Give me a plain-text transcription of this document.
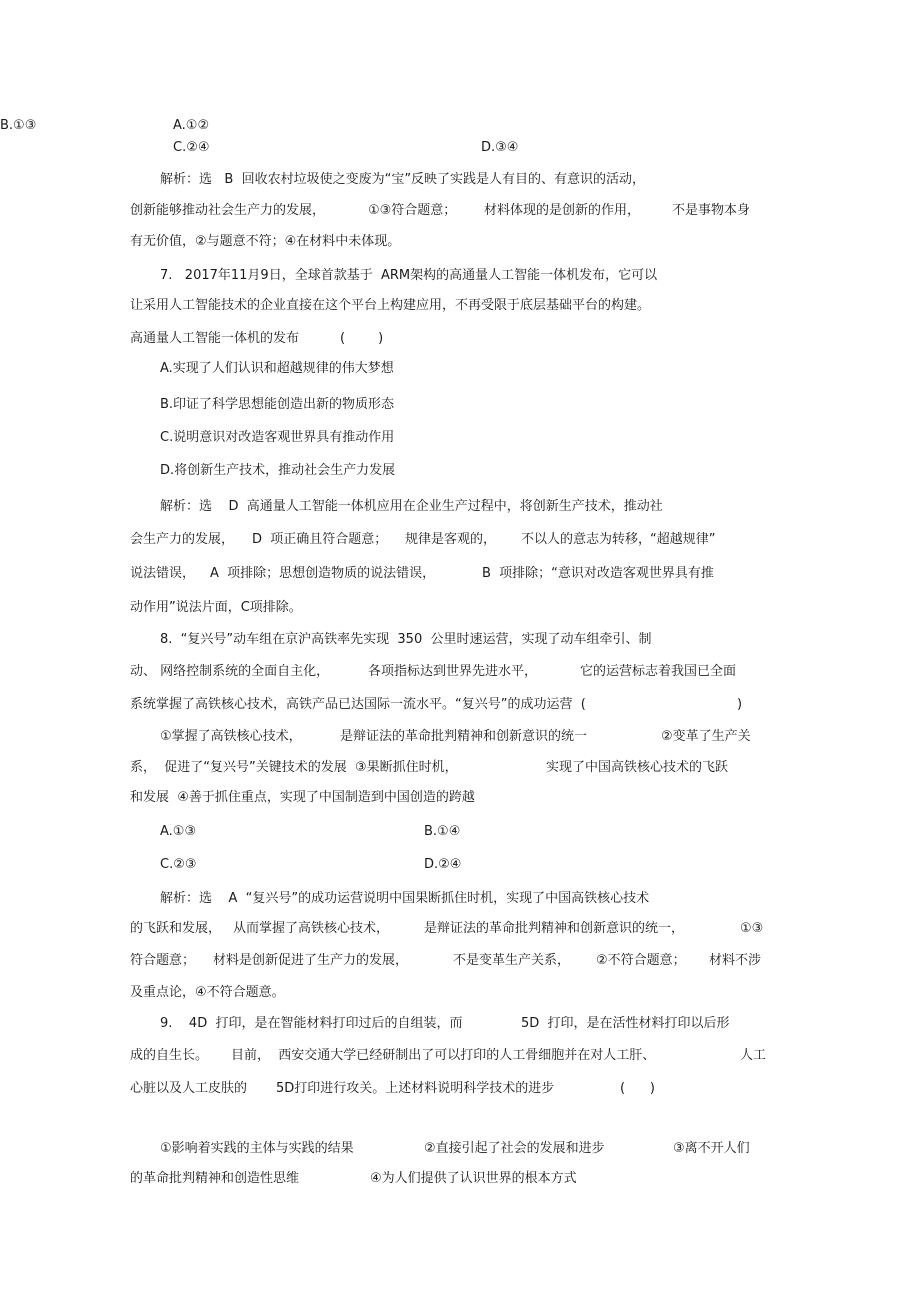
B.①③	A.①②
C.②④	D.③④
解析：选   B  回收农村垃圾使之变废为“宝”反映了实践是人有目的、有意识的活动，
创新能够推动社会生产力的发展，	①③符合题意； 材料体现的是创新的作用， 不是事物本身
有无价值，②与题意不符；④在材料中未体现。
7.   2017年11月9日，全球首款基于  ARM架构的高通量人工智能一体机发布，它可以
让采用人工智能技术的企业直接在这个平台上构建应用，不再受限于底层基础平台的构建。
高通量人工智能一体机的发布	(        )
A.实现了人们认识和超越规律的伟大梦想
B.印证了科学思想能创造出新的物质形态
C.说明意识对改造客观世界具有推动作用
D.将创新生产技术，推动社会生产力发展
解析：选    D  高通量人工智能一体机应用在企业生产过程中，将创新生产技术，推动社
会生产力的发展， D  项正确且符合题意； 规律是客观的， 不以人的意志为转移，
“超越规律”
说法错误， A  项排除；思想创造物质的说法错误，	B  项排除；“意识对改造客观世界具有推
动作用”说法片面，C项排除。
8.  “复兴号”动车组在京沪高铁率先实现  350  公里时速运营，实现了动车组牵引、制
动、 网络控制系统的全面自主化，	各项指标达到世界先进水平，	它的运营标志着我国已全面
系统掌握了高铁核心技术，高铁产品已达国际一流水平。“复兴号”的成功运营  (	)
①掌握了高铁核心技术，	是辩证法的革命批判精神和创新意识的统一	②变革了生产关
系，  促进了“复兴号”关键技术的发展  ③果断抓住时机，	实现了中国高铁核心技术的飞跃
和发展  ④善于抓住重点，实现了中国制造到中国创造的跨越
A.①③	B.①④
C.②③	D.②④
解析：选    A  “复兴号”的成功运营说明中国果断抓住时机，实现了中国高铁核心技术
的飞跃和发展， 从而掌握了高铁核心技术，	是辩证法的革命批判精神和创新意识的统一，	①③
符合题意； 材料是创新促进了生产力的发展，	不是变革生产关系， ②不符合题意； 材料不涉
及重点论，④不符合题意。
9.    4D  打印，是在智能材料打印过后的自组装，而	5D  打印，是在活性材料打印以后形
成的自生长。 目前，  西安交通大学已经研制出了可以打印的人工骨细胞并在对人工肝、	人工
心脏以及人工皮肤的 5D打印进行攻关。上述材料说明科学技术的进步	(      )
①影响着实践的主体与实践的结果	②直接引起了社会的发展和进步	③离不开人们
的革命批判精神和创造性思维	④为人们提供了认识世界的根本方式
